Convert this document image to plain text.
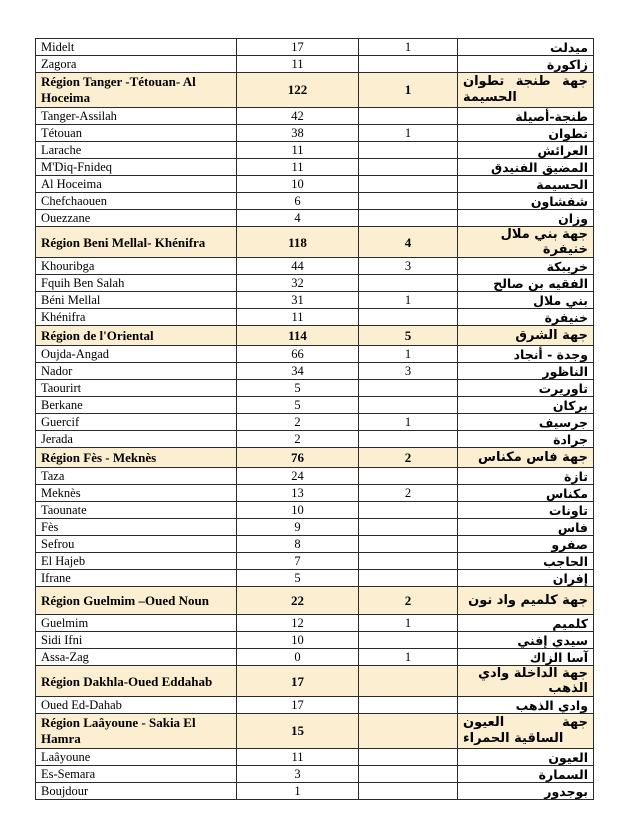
Midelt	17	1	ميدلت
Zagora	11		زاكورة
Région Tanger -Tétouan- Al Hoceima	122	1	جهة طنجة تطوان الحسيمة
Tanger-Assilah	42		طنجة-أصيلة
Tétouan	38	1	تطوان
Larache	11		العرائش
M'Diq-Fnideq	11		المضيق الفنيدق
Al Hoceima	10		الحسيمة
Chefchaouen	6		شفشاون
Ouezzane	4		وزان
Région Beni Mellal- Khénifra	118	4	جهة بني ملال خنيفرة
Khouribga	44	3	خريبكة
Fquih Ben Salah	32		الفقيه بن صالح
Béni Mellal	31	1	بني ملال
Khénifra	11		خنيفرة
Région de l'Oriental	114	5	جهة الشرق
Oujda-Angad	66	1	وجدة - أنجاد
Nador	34	3	الناظور
Taourirt	5		تاوريرت
Berkane	5		بركان
Guercif	2	1	جرسيف
Jerada	2		جرادة
Région Fès - Meknès	76	2	جهة فاس مكناس
Taza	24		تازة
Meknès	13	2	مكناس
Taounate	10		تاونات
Fès	9		فاس
Sefrou	8		صفرو
El Hajeb	7		الحاجب
Ifrane	5		إفران
Région Guelmim –Oued Noun	22	2	جهة كلميم واد نون
Guelmim	12	1	كلميم
Sidi Ifni	10		سيدي إفني
Assa-Zag	0	1	آسا الزاك
Région Dakhla-Oued Eddahab	17		جهة الداخلة وادي الذهب
Oued Ed-Dahab	17		وادي الذهب
Région Laâyoune - Sakia El Hamra	15		جهة العيون الساقية الحمراء
Laâyoune	11		العيون
Es-Semara	3		السمارة
Boujdour	1		بوجدور
